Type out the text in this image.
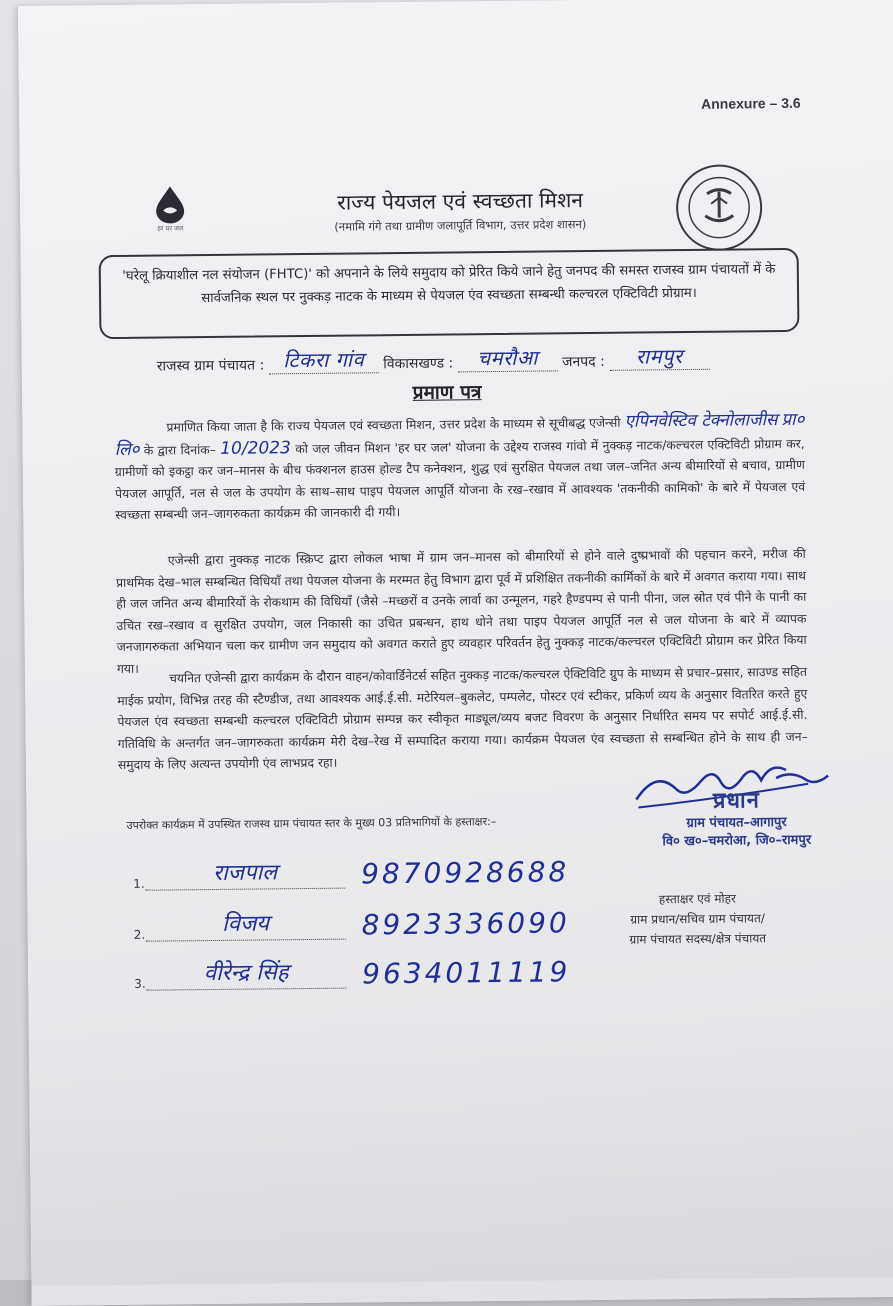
Annexure – 3.6
हर घर जल
राज्य पेयजल एवं स्वच्छता मिशन
(नमामि गंगे तथा ग्रामीण जलापूर्ति विभाग, उत्तर प्रदेश शासन)
'घरेलू क्रियाशील नल संयोजन (FHTC)' को अपनाने के लिये समुदाय को प्रेरित किये जाने हेतु जनपद की समस्त राजस्व ग्राम पंचायतों में के सार्वजनिक स्थल पर नुक्कड़ नाटक के माध्यम से पेयजल एंव स्वच्छता सम्बन्धी कल्चरल एक्टिविटी प्रोग्राम।
राजस्व ग्राम पंचायत : टिकरा गांव विकासखण्ड : चमरौआ जनपद : रामपुर
प्रमाण पत्र
प्रमाणित किया जाता है कि राज्य पेयजल एवं स्वच्छता मिशन, उत्तर प्रदेश के माध्यम से सूचीबद्ध एजेन्सी एपिनवेस्टिव टेक्नोलाजीस प्रा० लि० के द्वारा दिनांक– 10/2023 को जल जीवन मिशन 'हर घर जल' योजना के उद्देश्य राजस्व गांवो में नुक्कड़ नाटक/कल्चरल एक्टिविटी प्रोग्राम कर, ग्रामीणों को इकट्ठा कर जन–मानस के बीच फंक्शनल हाउस होल्ड टैप कनेक्शन, शुद्ध एवं सुरक्षित पेयजल तथा जल–जनित अन्य बीमारियों से बचाव, ग्रामीण पेयजल आपूर्ति, नल से जल के उपयोग के साथ–साथ पाइप पेयजल आपूर्ति योजना के रख–रखाव में आवश्यक 'तकनीकी कामिको' के बारे में पेयजल एवं स्वच्छता सम्बन्धी जन–जागरुकता कार्यक्रम की जानकारी दी गयी।
एजेन्सी द्वारा नुक्कड़ नाटक स्क्रिप्ट द्वारा लोकल भाषा में ग्राम जन–मानस को बीमारियों से होने वाले दुष्प्रभावों की पहचान करने, मरीज की प्राथमिक देख–भाल सम्बन्धित विधियाँ तथा पेयजल योजना के मरम्मत हेतु विभाग द्वारा पूर्व में प्रशिक्षित तकनीकी कार्मिकों के बारे में अवगत कराया गया। साथ ही जल जनित अन्य बीमारियों के रोकथाम की विधियाँ (जैसे –मच्छरों व उनके लार्वा का उन्मूलन, गहरे हैण्डपम्प से पानी पीना, जल स्रोत एवं पीने के पानी का उचित रख–रखाव व सुरक्षित उपयोग, जल निकासी का उचित प्रबन्धन, हाथ धोने तथा पाइप पेयजल आपूर्ति नल से जल योजना के बारे में व्यापक जनजागरुकता अभियान चला कर ग्रामीण जन समुदाय को अवगत कराते हुए व्यवहार परिवर्तन हेतु नुक्कड़ नाटक/कल्चरल एक्टिविटी प्रोग्राम कर प्रेरित किया गया।	चयनित एजेन्सी द्वारा कार्यक्रम के दौरान वाहन/कोवार्डिनेटर्स सहित नुक्कड़ नाटक/कल्चरल ऐक्टिविटि ग्रुप के माध्यम से प्रचार–प्रसार, साउण्ड सहित माईक प्रयोग, विभिन्न तरह की स्टैण्डीज, तथा आवश्यक आई.ई.सी. मटेरियल–बुकलेट, पम्पलेट, पोस्टर एवं स्टीकर, प्रकिर्ण व्यय के अनुसार वितरित करते हुए पेयजल एंव स्वच्छता सम्बन्धी कल्चरल एक्टिविटी प्रोग्राम सम्पन्न कर स्वीकृत माड्यूल/व्यय बजट विवरण के अनुसार निर्धारित समय पर सपोर्ट आई.ई.सी. गतिविधि के अन्तर्गत जन–जागरुकता कार्यक्रम मेरी देख–रेख में सम्पादित कराया गया। कार्यक्रम पेयजल एंव स्वच्छता से सम्बन्धित होने के साथ ही जन–समुदाय के लिए अत्यन्त उपयोगी एंव लाभप्रद रहा।
प्रधान
ग्राम पंचायत–आगापुर
वि० ख०–चमरोआ, जि०–रामपुर
उपरोक्त कार्यक्रम में उपस्थित राजस्व ग्राम पंचायत स्तर के मुख्य 03 प्रतिभागियों के हस्ताक्षर:–
1.	राजपाल	9870928688
2.	विजय	8923336090
3.	वीरेन्द्र सिंह	9634011119
हस्ताक्षर एवं मोहर
ग्राम प्रधान/सचिव ग्राम पंचायत/
ग्राम पंचायत सदस्य/क्षेत्र पंचायत
